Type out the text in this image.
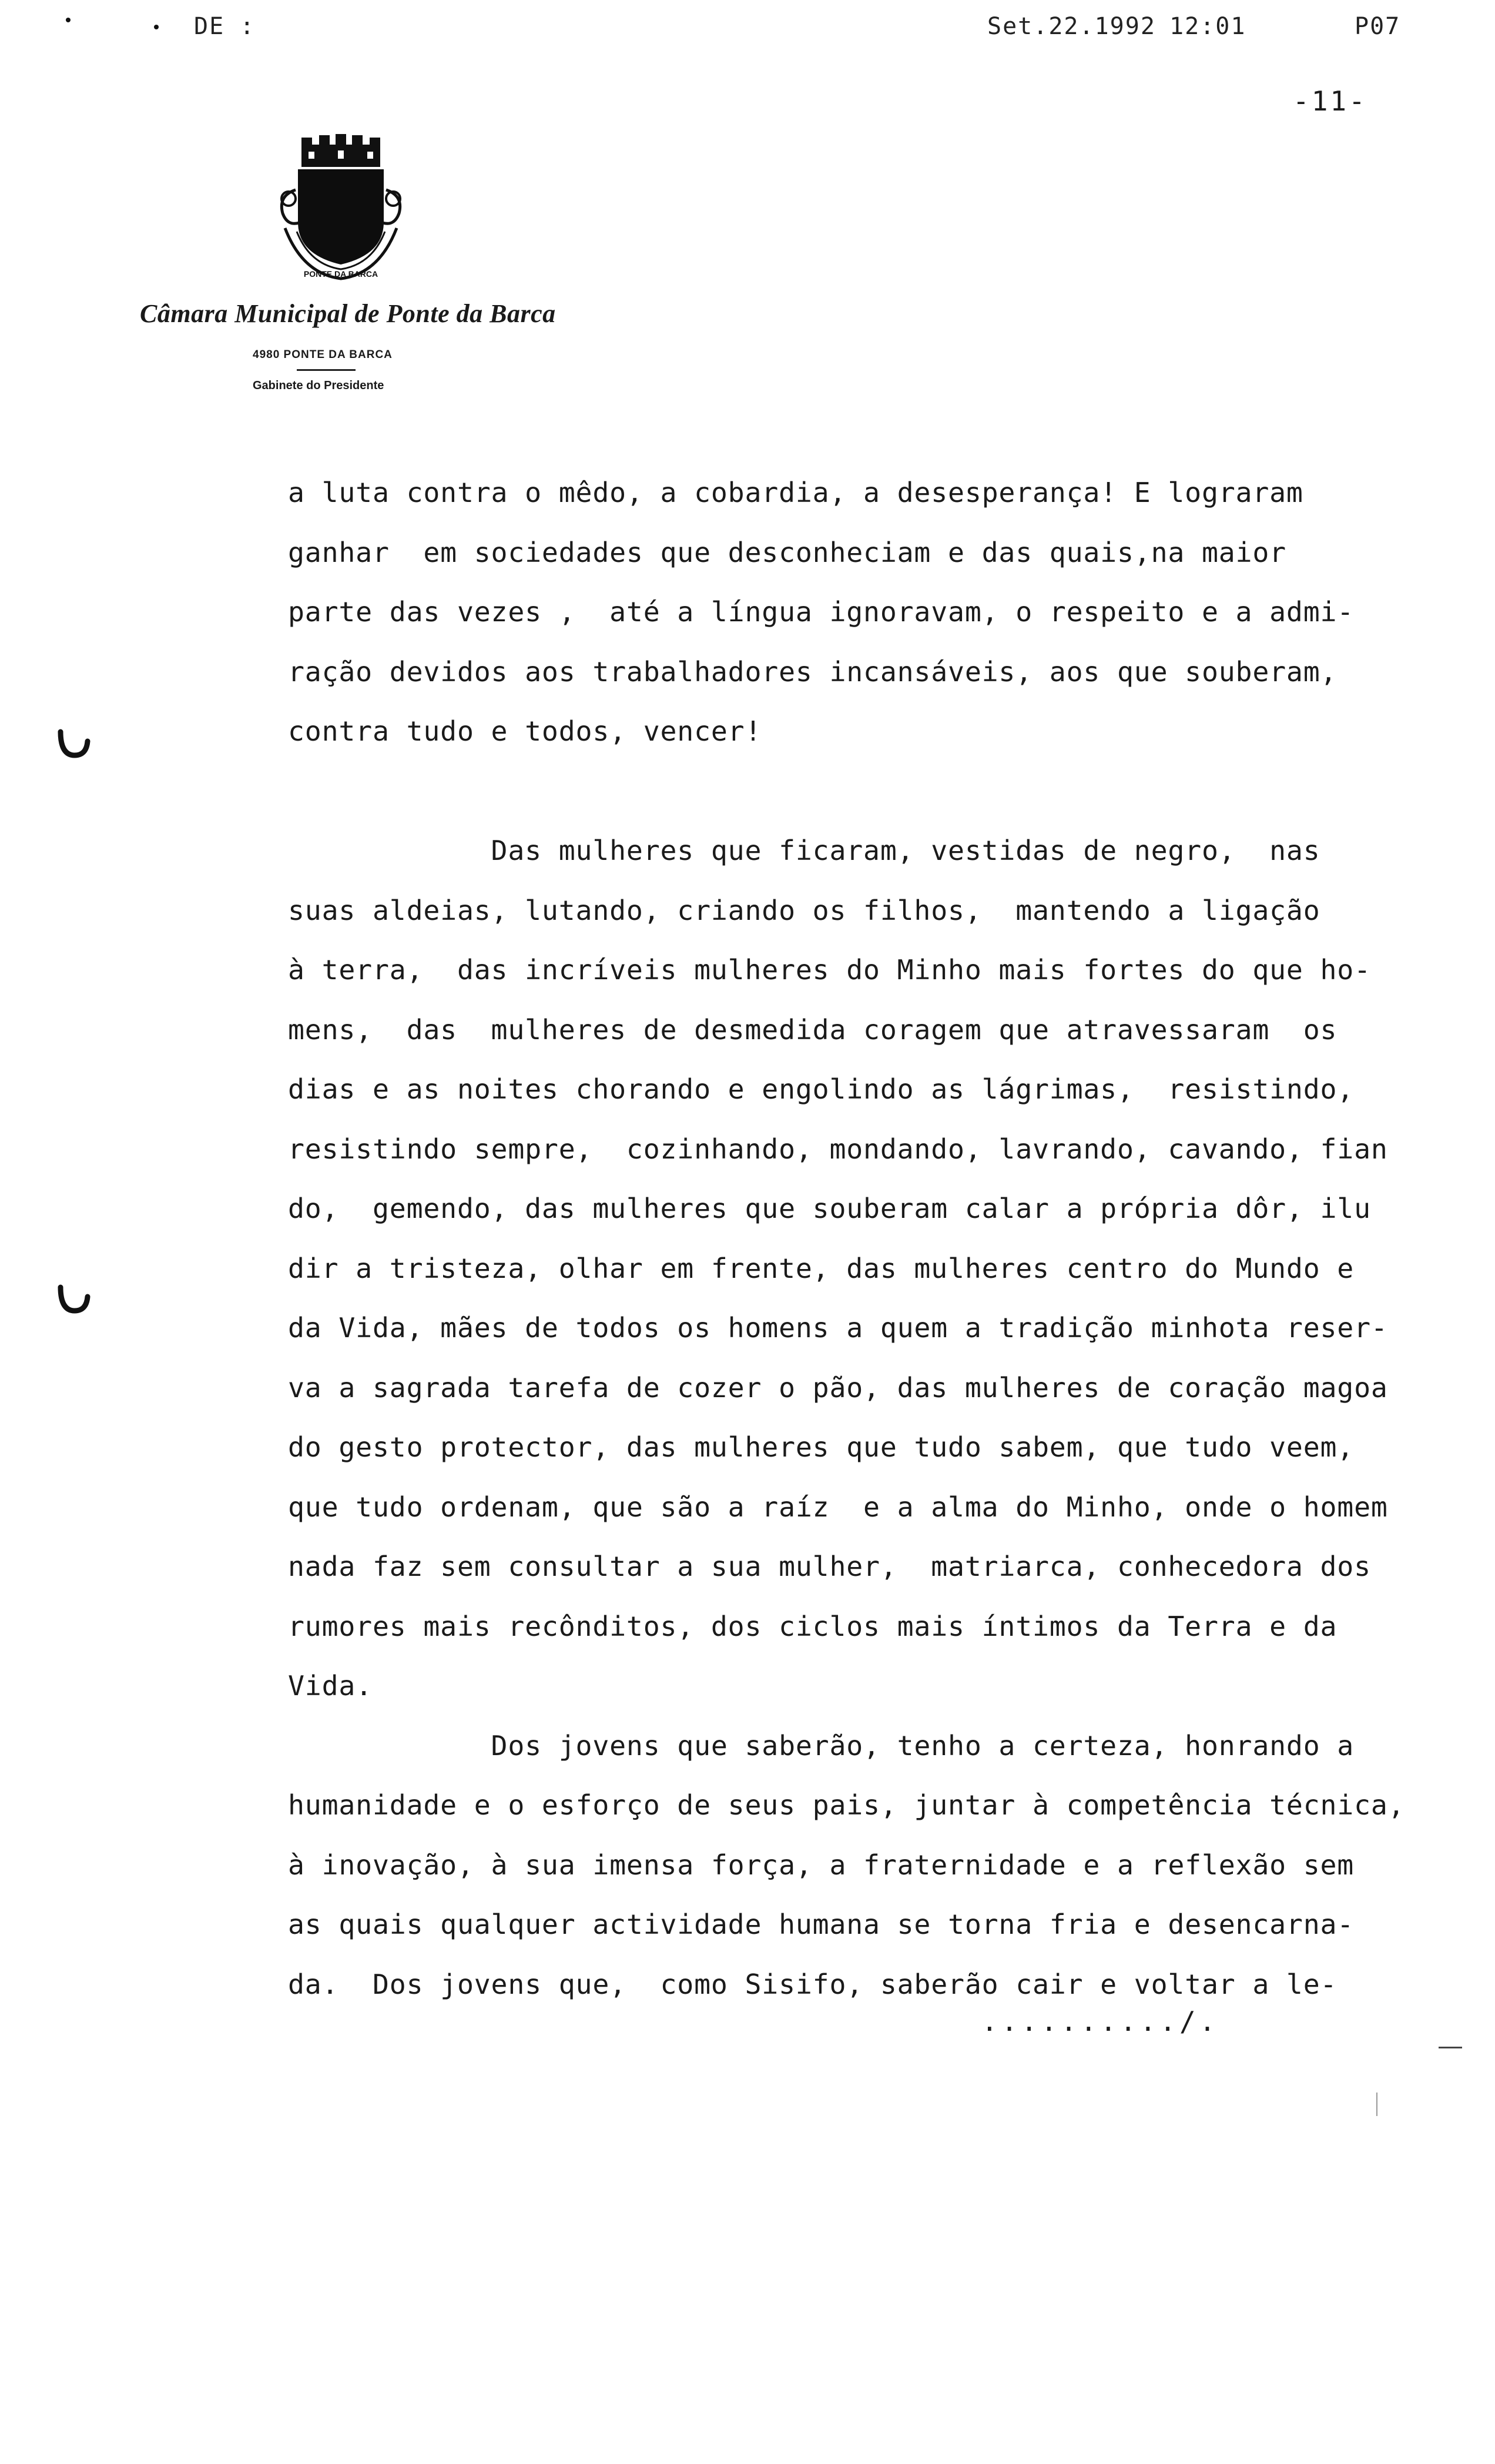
DE :	Set.22.1992 12:01	P07
-11-
PONTE DA BARCA
Câmara Municipal de Ponte da Barca
4980 PONTE DA BARCA
Gabinete do Presidente
a luta contra o mêdo, a cobardia, a desesperança! E lograram
ganhar  em sociedades que desconheciam e das quais,na maior
parte das vezes ,  até a língua ignoravam, o respeito e a admi-
ração devidos aos trabalhadores incansáveis, aos que souberam,
contra tudo e todos, vencer!
Das mulheres que ficaram, vestidas de negro,  nas
suas aldeias, lutando, criando os filhos,  mantendo a ligação
à terra,  das incríveis mulheres do Minho mais fortes do que ho-
mens,  das  mulheres de desmedida coragem que atravessaram  os
dias e as noites chorando e engolindo as lágrimas,  resistindo,
resistindo sempre,  cozinhando, mondando, lavrando, cavando, fian
do,  gemendo, das mulheres que souberam calar a própria dôr, ilu
dir a tristeza, olhar em frente, das mulheres centro do Mundo e
da Vida, mães de todos os homens a quem a tradição minhota reser-
va a sagrada tarefa de cozer o pão, das mulheres de coração magoa
do gesto protector, das mulheres que tudo sabem, que tudo veem,
que tudo ordenam, que são a raíz  e a alma do Minho, onde o homem
nada faz sem consultar a sua mulher,  matriarca, conhecedora dos
rumores mais recônditos, dos ciclos mais íntimos da Terra e da
Vida.
Dos jovens que saberão, tenho a certeza, honrando a
humanidade e o esforço de seus pais, juntar à competência técnica,
à inovação, à sua imensa força, a fraternidade e a reflexão sem
as quais qualquer actividade humana se torna fria e desencarna-
da.  Dos jovens que,  como Sisifo, saberão cair e voltar a le-
........../.
